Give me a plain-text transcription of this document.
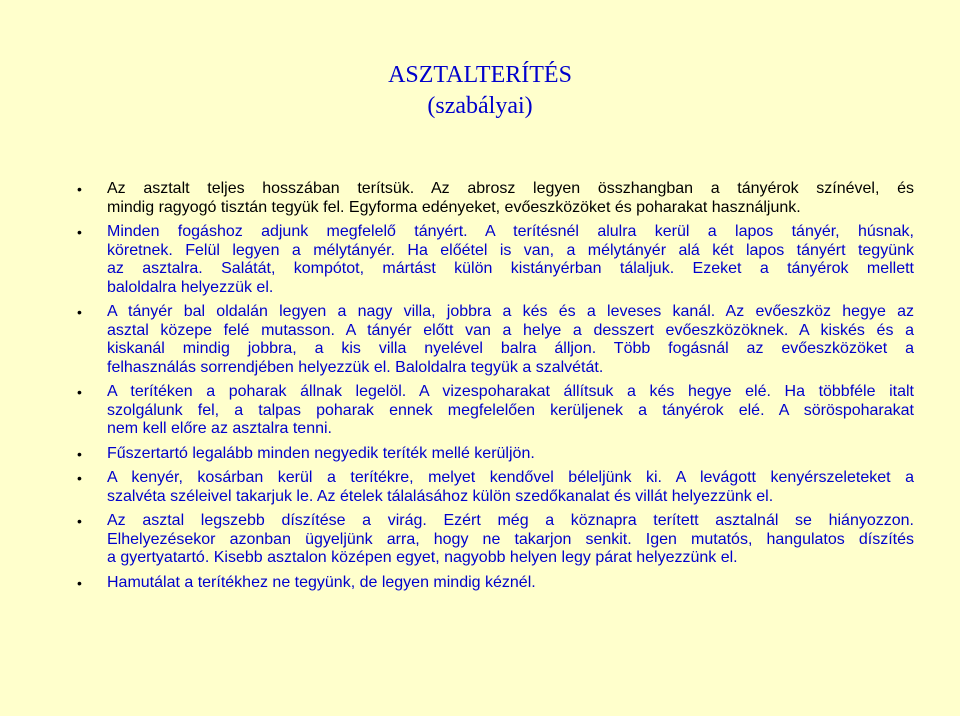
ASZTALTERÍTÉS
(szabályai)
•	Az asztalt teljes hosszában terítsük. Az abrosz legyen összhangban a tányérok színével, és
mindig ragyogó tisztán tegyük fel. Egyforma edényeket, evőeszközöket és poharakat használjunk.
•	Minden fogáshoz adjunk megfelelő tányért. A terítésnél alulra kerül a lapos tányér, húsnak,
köretnek. Felül legyen a mélytányér. Ha előétel is van, a mélytányér alá két lapos tányért tegyünk
az asztalra. Salátát, kompótot, mártást külön kistányérban tálaljuk. Ezeket a tányérok mellett
baloldalra helyezzük el.
•	A tányér bal oldalán legyen a nagy villa, jobbra a kés és a leveses kanál. Az evőeszköz hegye az
asztal közepe felé mutasson. A tányér előtt van a helye a desszert evőeszközöknek. A kiskés és a
kiskanál mindig jobbra, a kis villa nyelével balra álljon. Több fogásnál az evőeszközöket a
felhasználás sorrendjében helyezzük el. Baloldalra tegyük a szalvétát.
•	A terítéken a poharak állnak legelöl. A vizespoharakat állítsuk a kés hegye elé. Ha többféle italt
szolgálunk fel, a talpas poharak ennek megfelelően kerüljenek a tányérok elé. A söröspoharakat
nem kell előre az asztalra tenni.
•	Fűszertartó legalább minden negyedik teríték mellé kerüljön.
•	A kenyér, kosárban kerül a terítékre, melyet kendővel béleljünk ki. A levágott kenyérszeleteket a
szalvéta széleivel takarjuk le. Az ételek tálalásához külön szedőkanalat és villát helyezzünk el.
•	Az asztal legszebb díszítése a virág. Ezért még a köznapra terített asztalnál se hiányozzon.
Elhelyezésekor azonban ügyeljünk arra, hogy ne takarjon senkit. Igen mutatós, hangulatos díszítés
a gyertyatartó. Kisebb asztalon középen egyet, nagyobb helyen legy párat helyezzünk el.
•	Hamutálat a terítékhez ne tegyünk, de legyen mindig kéznél.
